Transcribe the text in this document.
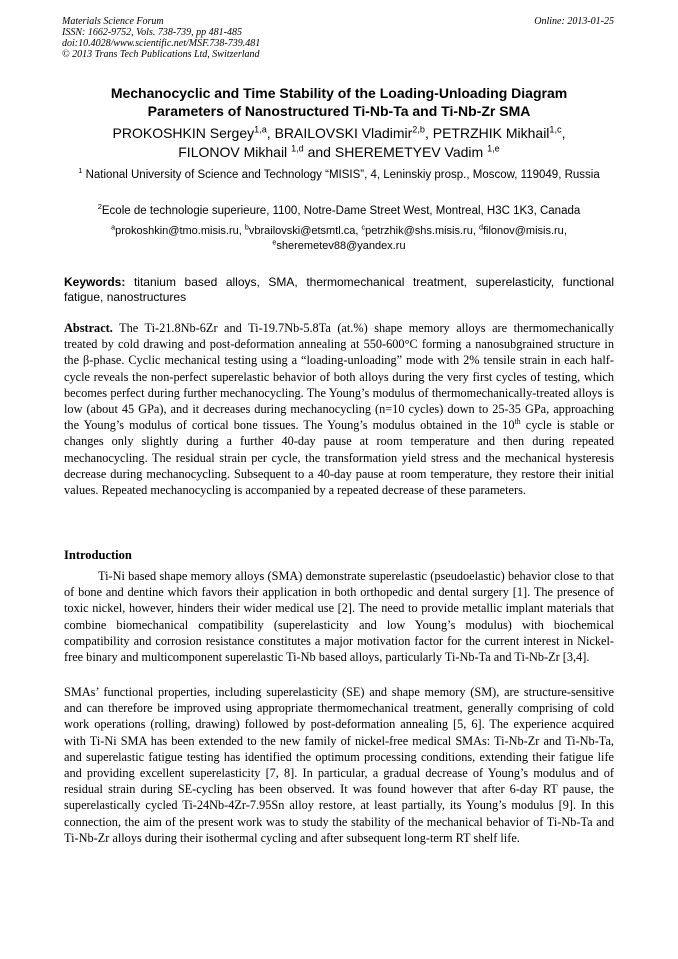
Materials Science Forum
ISSN: 1662-9752, Vols. 738-739, pp 481-485
doi:10.4028/www.scientific.net/MSF.738-739.481
© 2013 Trans Tech Publications Ltd, Switzerland
Online: 2013-01-25
Mechanocyclic and Time Stability of the Loading-Unloading Diagram
Parameters of Nanostructured Ti-Nb-Ta and Ti-Nb-Zr SMA
PROKOSHKIN Sergey$^{1,a}$, BRAILOVSKI Vladimir$^{2,b}$, PETRZHIK Mikhail$^{1,c}$,
FILONOV Mikhail $^{1,d}$ and SHEREMETYEV Vadim $^{1,e}$
$^1$ National University of Science and Technology “MISIS”, 4, Leninskiy prosp., Moscow, 119049, Russia
$^2$Ecole de technologie superieure, 1100, Notre-Dame Street West, Montreal, H3C 1K3, Canada
$^a$prokoshkin@tmo.misis.ru, $^b$vbrailovski@etsmtl.ca, $^c$petrzhik@shs.misis.ru, $^d$filonov@misis.ru,
$^e$sheremetev88@yandex.ru
Keywords: titanium based alloys, SMA, thermomechanical treatment, superelasticity, functional fatigue, nanostructures
Abstract. The Ti-21.8Nb-6Zr and Ti-19.7Nb-5.8Ta (at.%) shape memory alloys are thermomechanically treated by cold drawing and post-deformation annealing at 550-600°C forming a nanosubgrained structure in the β-phase. Cyclic mechanical testing using a “loading-unloading” mode with 2% tensile strain in each half-cycle reveals the non-perfect superelastic behavior of both alloys during the very first cycles of testing, which becomes perfect during further mechanocycling. The Young’s modulus of thermomechanically-treated alloys is low (about 45 GPa), and it decreases during mechanocycling (n=10 cycles) down to 25-35 GPa, approaching the Young’s modulus of cortical bone tissues. The Young’s modulus obtained in the 10th cycle is stable or changes only slightly during a further 40-day pause at room temperature and then during repeated mechanocycling. The residual strain per cycle, the transformation yield stress and the mechanical hysteresis decrease during mechanocycling. Subsequent to a 40-day pause at room temperature, they restore their initial values. Repeated mechanocycling is accompanied by a repeated decrease of these parameters.
Introduction
Ti-Ni based shape memory alloys (SMA) demonstrate superelastic (pseudoelastic) behavior close to that of bone and dentine which favors their application in both orthopedic and dental surgery [1]. The presence of toxic nickel, however, hinders their wider medical use [2]. The need to provide metallic implant materials that combine biomechanical compatibility (superelasticity and low Young’s modulus) with biochemical compatibility and corrosion resistance constitutes a major motivation factor for the current interest in Nickel-free binary and multicomponent superelastic Ti-Nb based alloys, particularly Ti-Nb-Ta and Ti-Nb-Zr [3,4].
SMAs’ functional properties, including superelasticity (SE) and shape memory (SM), are structure-sensitive and can therefore be improved using appropriate thermomechanical treatment, generally comprising of cold work operations (rolling, drawing) followed by post-deformation annealing [5, 6]. The experience acquired with Ti-Ni SMA has been extended to the new family of nickel-free medical SMAs: Ti-Nb-Zr and Ti-Nb-Ta, and superelastic fatigue testing has identified the optimum processing conditions, extending their fatigue life and providing excellent superelasticity [7, 8]. In particular, a gradual decrease of Young’s modulus and of residual strain during SE-cycling has been observed. It was found however that after 6-day RT pause, the superelastically cycled Ti-24Nb-4Zr-7.95Sn alloy restore, at least partially, its Young’s modulus [9]. In this connection, the aim of the present work was to study the stability of the mechanical behavior of Ti-Nb-Ta and Ti-Nb-Zr alloys during their isothermal cycling and after subsequent long-term RT shelf life.
